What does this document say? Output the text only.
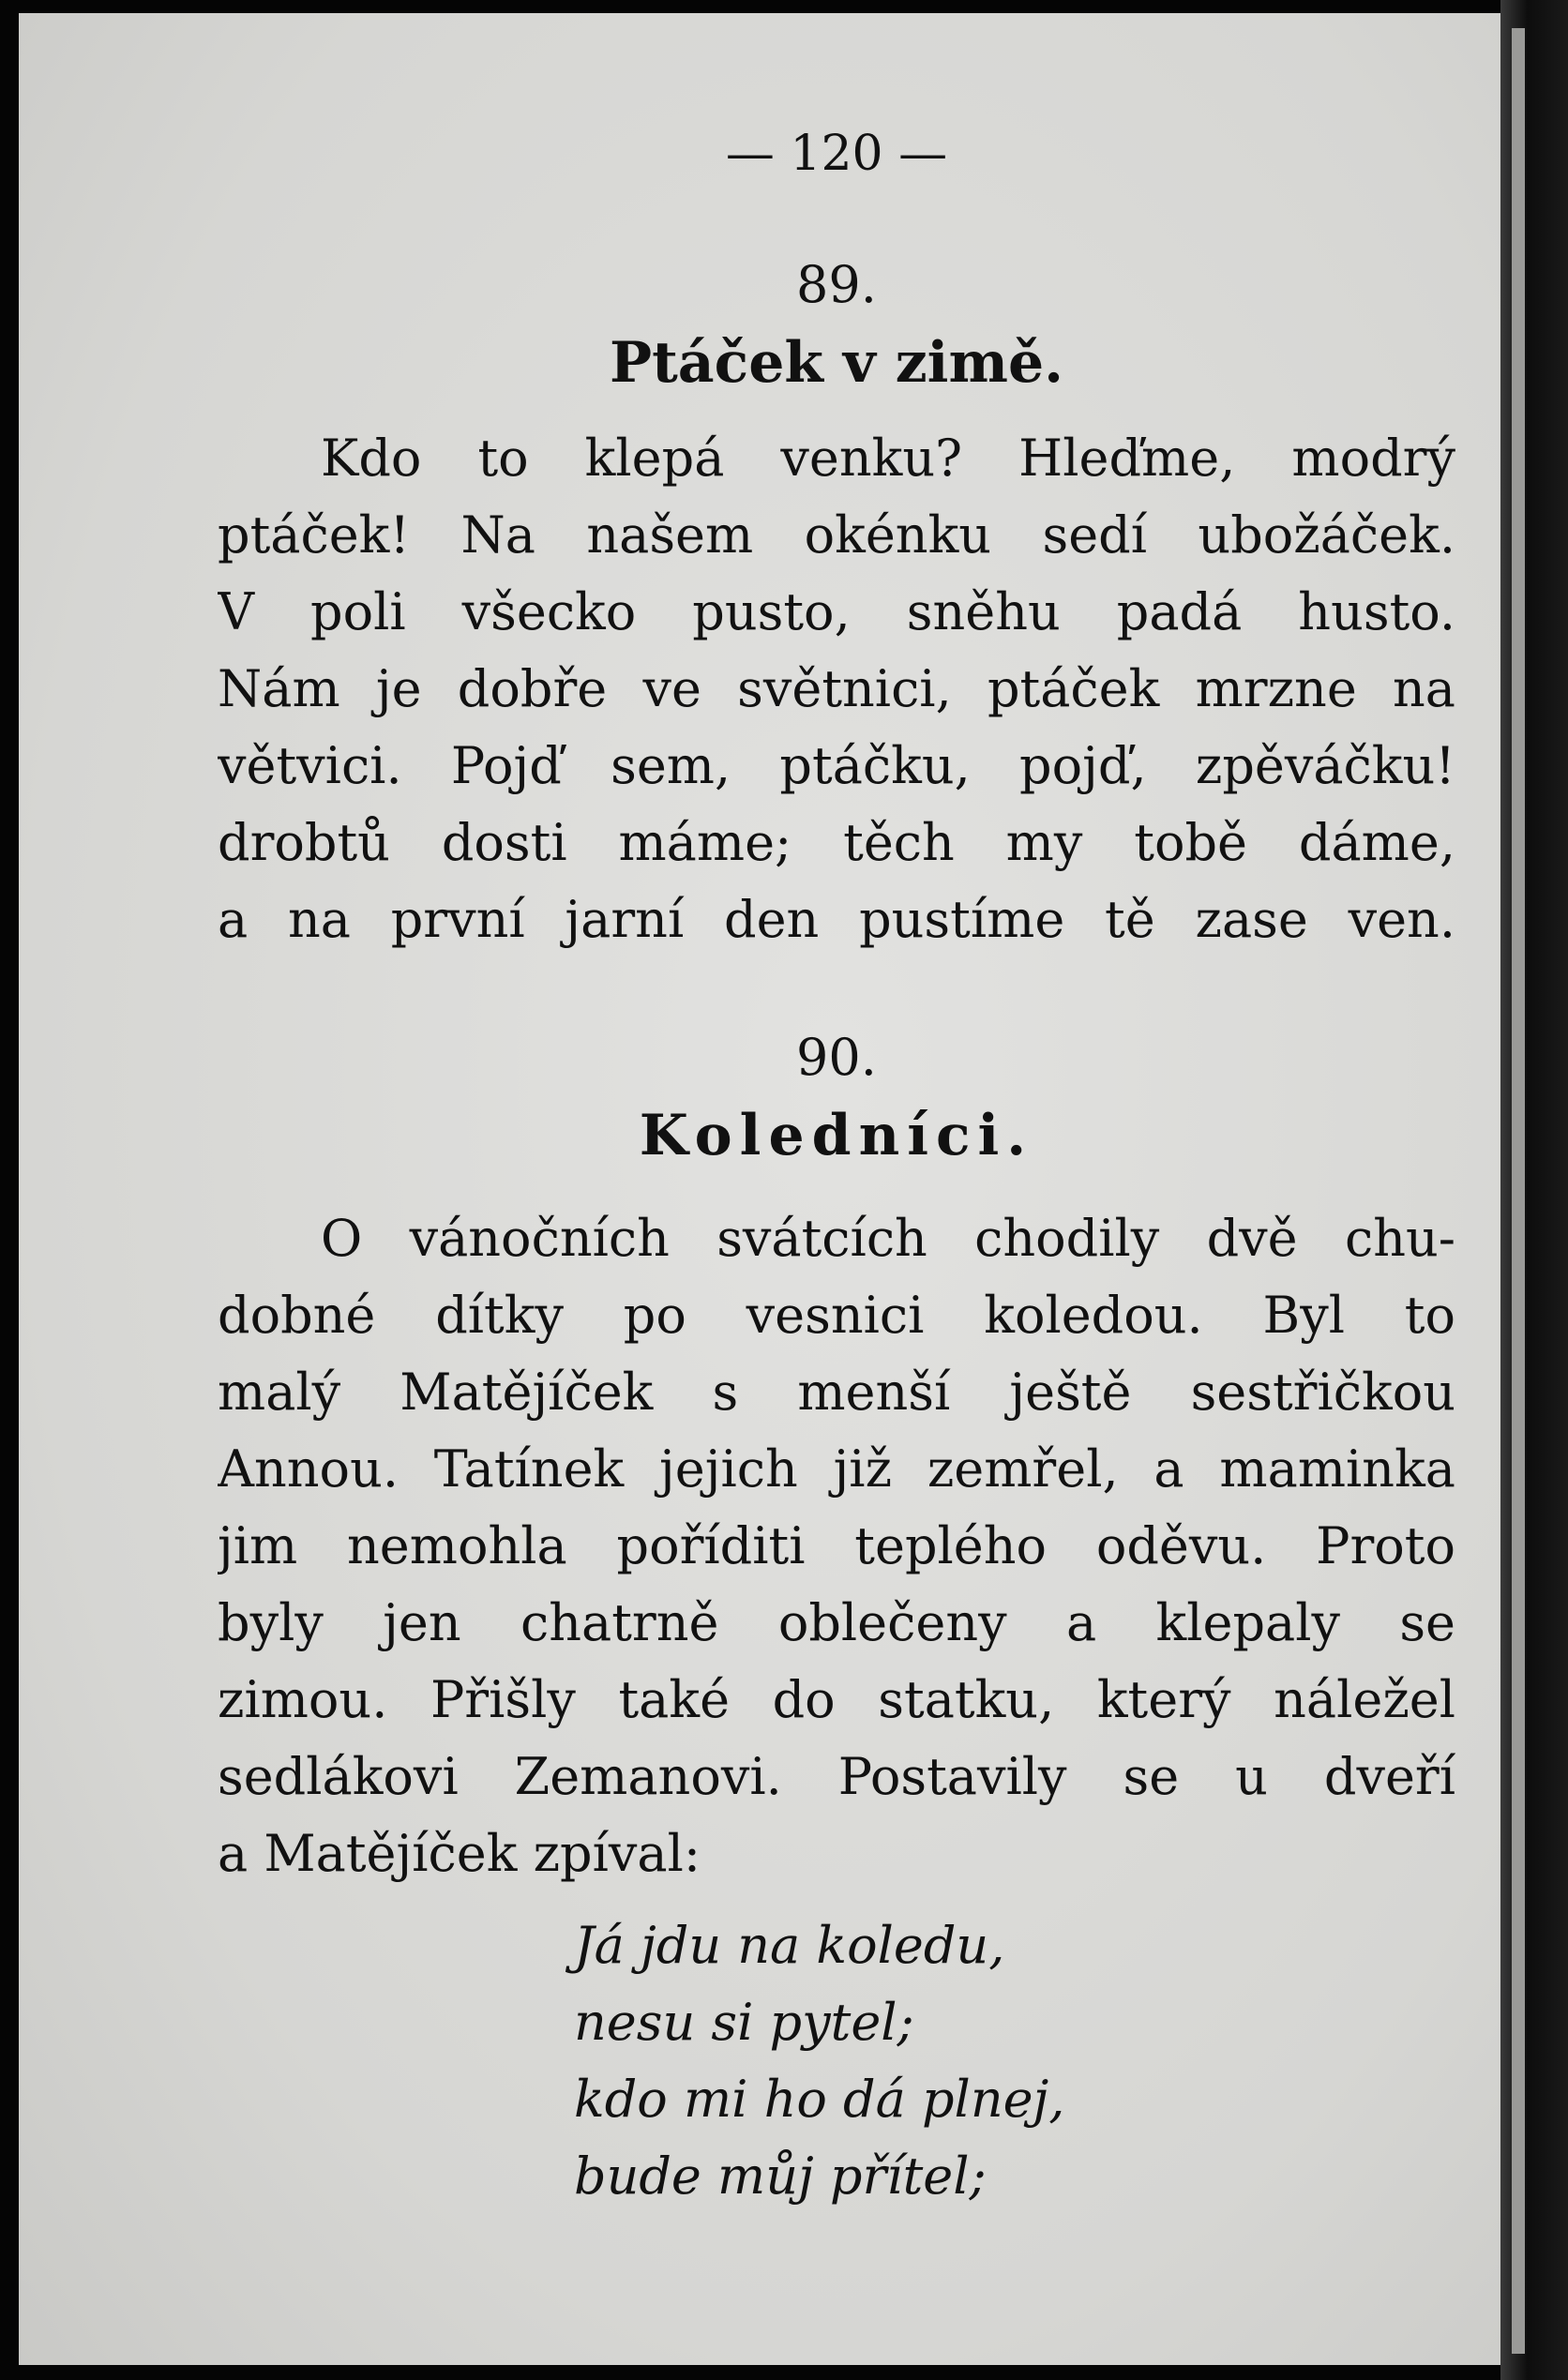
— 120 —
89.
Ptáček v zimě.
Kdo to klepá venku? Hleďme, modrý
ptáček! Na našem okénku sedí ubožáček.
V poli všecko pusto, sněhu padá husto.
Nám je dobře ve světnici, ptáček mrzne na
větvici. Pojď sem, ptáčku, pojď, zpěváčku!
drobtů dosti máme; těch my tobě dáme,
a na první jarní den pustíme tě zase ven.
90.
Koledníci.
O vánočních svátcích chodily dvě chu-
dobné dítky po vesnici koledou. Byl to
malý Matějíček s menší ještě sestřičkou
Annou. Tatínek jejich již zemřel, a maminka
jim nemohla poříditi teplého oděvu. Proto
byly jen chatrně oblečeny a klepaly se
zimou. Přišly také do statku, který náležel
sedlákovi Zemanovi. Postavily se u dveří
a Matějíček zpíval:
Já jdu na koledu,
nesu si pytel;
kdo mi ho dá plnej,
bude můj přítel;
